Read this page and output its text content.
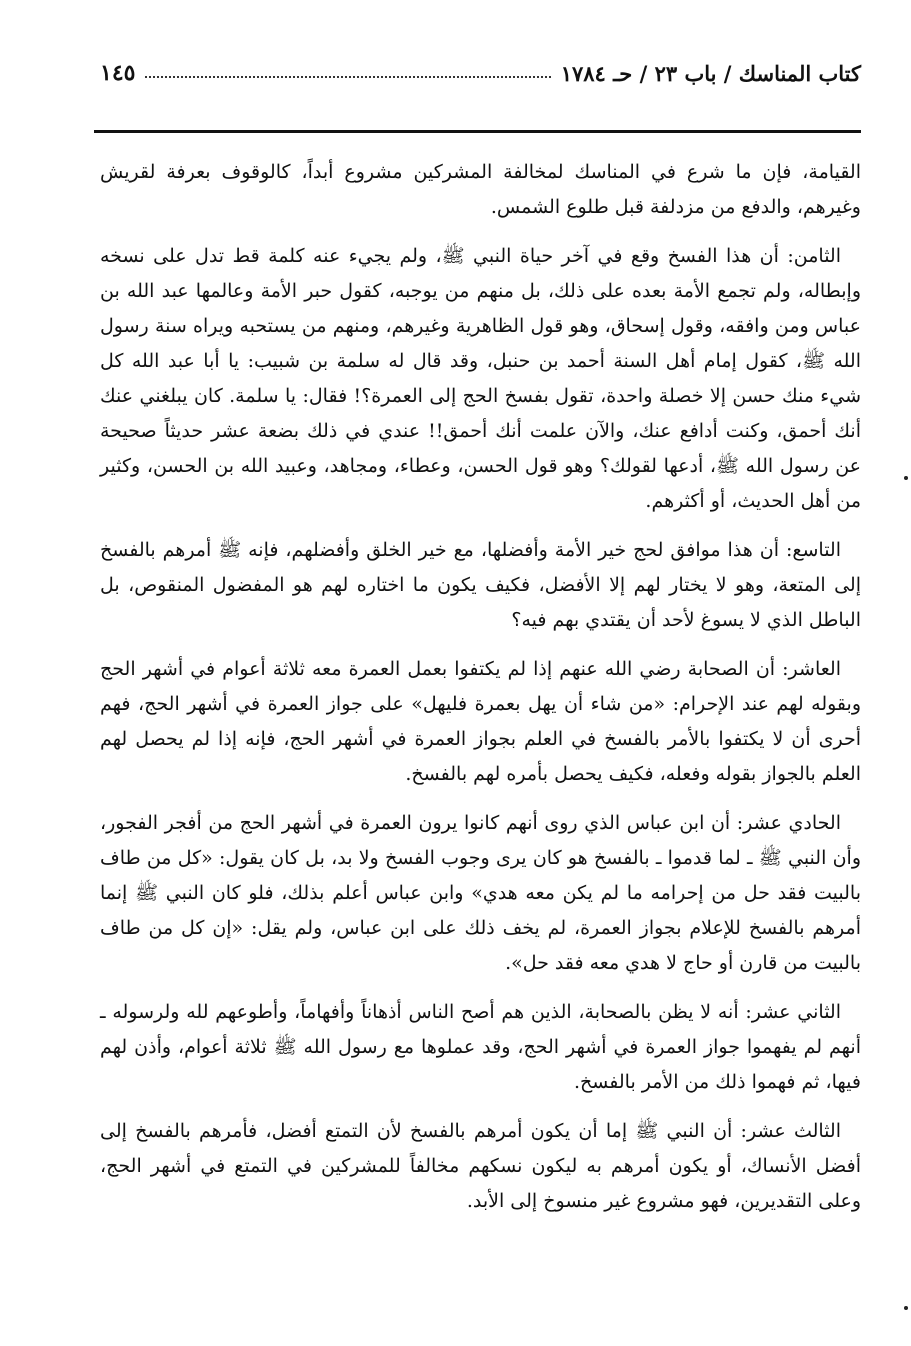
كتاب المناسك / باب ٢٣ / حـ ١٧٨٤
١٤٥

القيامة، فإن ما شرع في المناسك لمخالفة المشركين مشروع أبداً، كالوقوف بعرفة لقريش وغيرهم، والدفع من مزدلفة قبل طلوع الشمس.

الثامن: أن هذا الفسخ وقع في آخر حياة النبي ﷺ، ولم يجيء عنه كلمة قط تدل على نسخه وإبطاله، ولم تجمع الأمة بعده على ذلك، بل منهم من يوجبه، كقول حبر الأمة وعالمها عبد الله بن عباس ومن وافقه، وقول إسحاق، وهو قول الظاهرية وغيرهم، ومنهم من يستحبه ويراه سنة رسول الله ﷺ، كقول إمام أهل السنة أحمد بن حنبل، وقد قال له سلمة بن شبيب: يا أبا عبد الله كل شيء منك حسن إلا خصلة واحدة، تقول بفسخ الحج إلى العمرة؟! فقال: يا سلمة. كان يبلغني عنك أنك أحمق، وكنت أدافع عنك، والآن علمت أنك أحمق!! عندي في ذلك بضعة عشر حديثاً صحيحة عن رسول الله ﷺ، أدعها لقولك؟ وهو قول الحسن، وعطاء، ومجاهد، وعبيد الله بن الحسن، وكثير من أهل الحديث، أو أكثرهم.

التاسع: أن هذا موافق لحج خير الأمة وأفضلها، مع خير الخلق وأفضلهم، فإنه ﷺ أمرهم بالفسخ إلى المتعة، وهو لا يختار لهم إلا الأفضل، فكيف يكون ما اختاره لهم هو المفضول المنقوص، بل الباطل الذي لا يسوغ لأحد أن يقتدي بهم فيه؟

العاشر: أن الصحابة رضي الله عنهم إذا لم يكتفوا بعمل العمرة معه ثلاثة أعوام في أشهر الحج وبقوله لهم عند الإحرام: «من شاء أن يهل بعمرة فليهل» على جواز العمرة في أشهر الحج، فهم أحرى أن لا يكتفوا بالأمر بالفسخ في العلم بجواز العمرة في أشهر الحج، فإنه إذا لم يحصل لهم العلم بالجواز بقوله وفعله، فكيف يحصل بأمره لهم بالفسخ.

الحادي عشر: أن ابن عباس الذي روى أنهم كانوا يرون العمرة في أشهر الحج من أفجر الفجور، وأن النبي ﷺ ـ لما قدموا ـ بالفسخ هو كان يرى وجوب الفسخ ولا بد، بل كان يقول: «كل من طاف بالبيت فقد حل من إحرامه ما لم يكن معه هدي» وابن عباس أعلم بذلك، فلو كان النبي ﷺ إنما أمرهم بالفسخ للإعلام بجواز العمرة، لم يخف ذلك على ابن عباس، ولم يقل: «إن كل من طاف بالبيت من قارن أو حاج لا هدي معه فقد حل».

الثاني عشر: أنه لا يظن بالصحابة، الذين هم أصح الناس أذهاناً وأفهاماً، وأطوعهم لله ولرسوله ـ أنهم لم يفهموا جواز العمرة في أشهر الحج، وقد عملوها مع رسول الله ﷺ ثلاثة أعوام، وأذن لهم فيها، ثم فهموا ذلك من الأمر بالفسخ.

الثالث عشر: أن النبي ﷺ إما أن يكون أمرهم بالفسخ لأن التمتع أفضل، فأمرهم بالفسخ إلى أفضل الأنساك، أو يكون أمرهم به ليكون نسكهم مخالفاً للمشركين في التمتع في أشهر الحج، وعلى التقديرين، فهو مشروع غير منسوخ إلى الأبد.
